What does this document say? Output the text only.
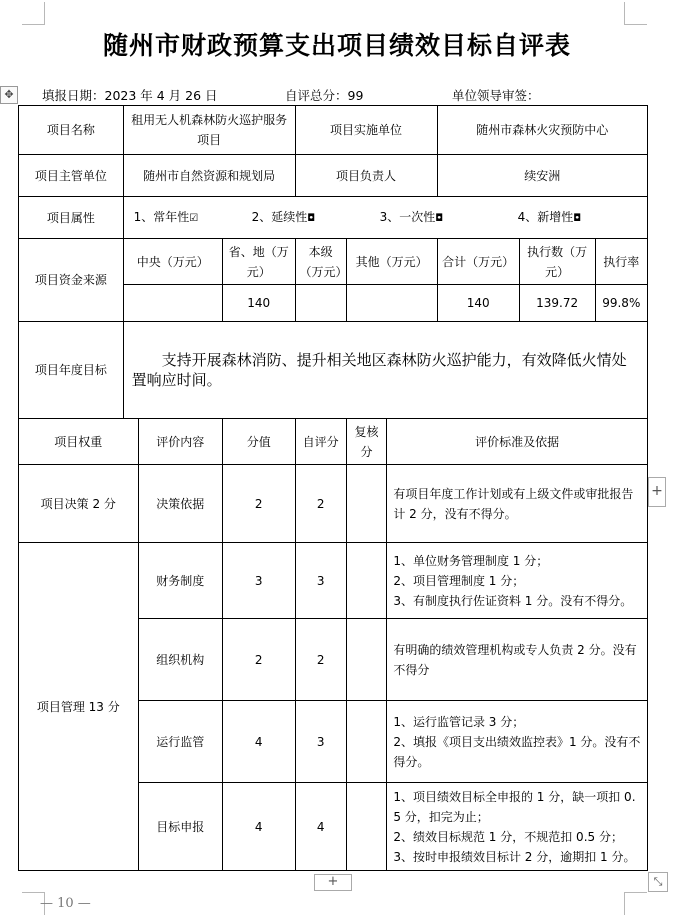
随州市财政预算支出项目绩效目标自评表
✥	填报日期：2023 年 4 月 26 日	自评总分：99	单位领导审签：
项目名称	租用无人机森林防火巡护服务项目			项目实施单位			随州市森林火灾预防中心		
项目主管单位	随州市自然资源和规划局			项目负责人			续安洲		
项目属性	1、常年性☑ 2、延续性◘ 3、一次性◘ 4、新增性◘								
项目资金来源	中央（万元）		省、地（万元）	本级（万元）	其他（万元）		合计（万元）	执行数（万元）	执行率
			140				140	139.72	99.8%
项目年度目标	支持开展森林消防、提升相关地区森林防火巡护能力，有效降低火情处置响应时间。								
项目权重		评价内容	分值	自评分	复核分	评价标准及依据			
项目决策 2 分		决策依据	2	2		有项目年度工作计划或有上级文件或审批报告计 2 分，没有不得分。			
项目管理 13 分		财务制度	3	3		1、单位财务管理制度 1 分；
2、项目管理制度 1 分；
3、有制度执行佐证资料 1 分。没有不得分。			
		组织机构	2	2		有明确的绩效管理机构或专人负责 2 分。没有不得分			
		运行监管	4	3		1、运行监管记录 3 分；
2、填报《项目支出绩效监控表》1 分。没有不得分。			
		目标申报	4	4		1、项目绩效目标全申报的 1 分，缺一项扣 0.5 分，扣完为止；
2、绩效目标规范 1 分，不规范扣 0.5 分；
3、按时申报绩效目标计 2 分，逾期扣 1 分。			
+
+	⤡
— 10 —
